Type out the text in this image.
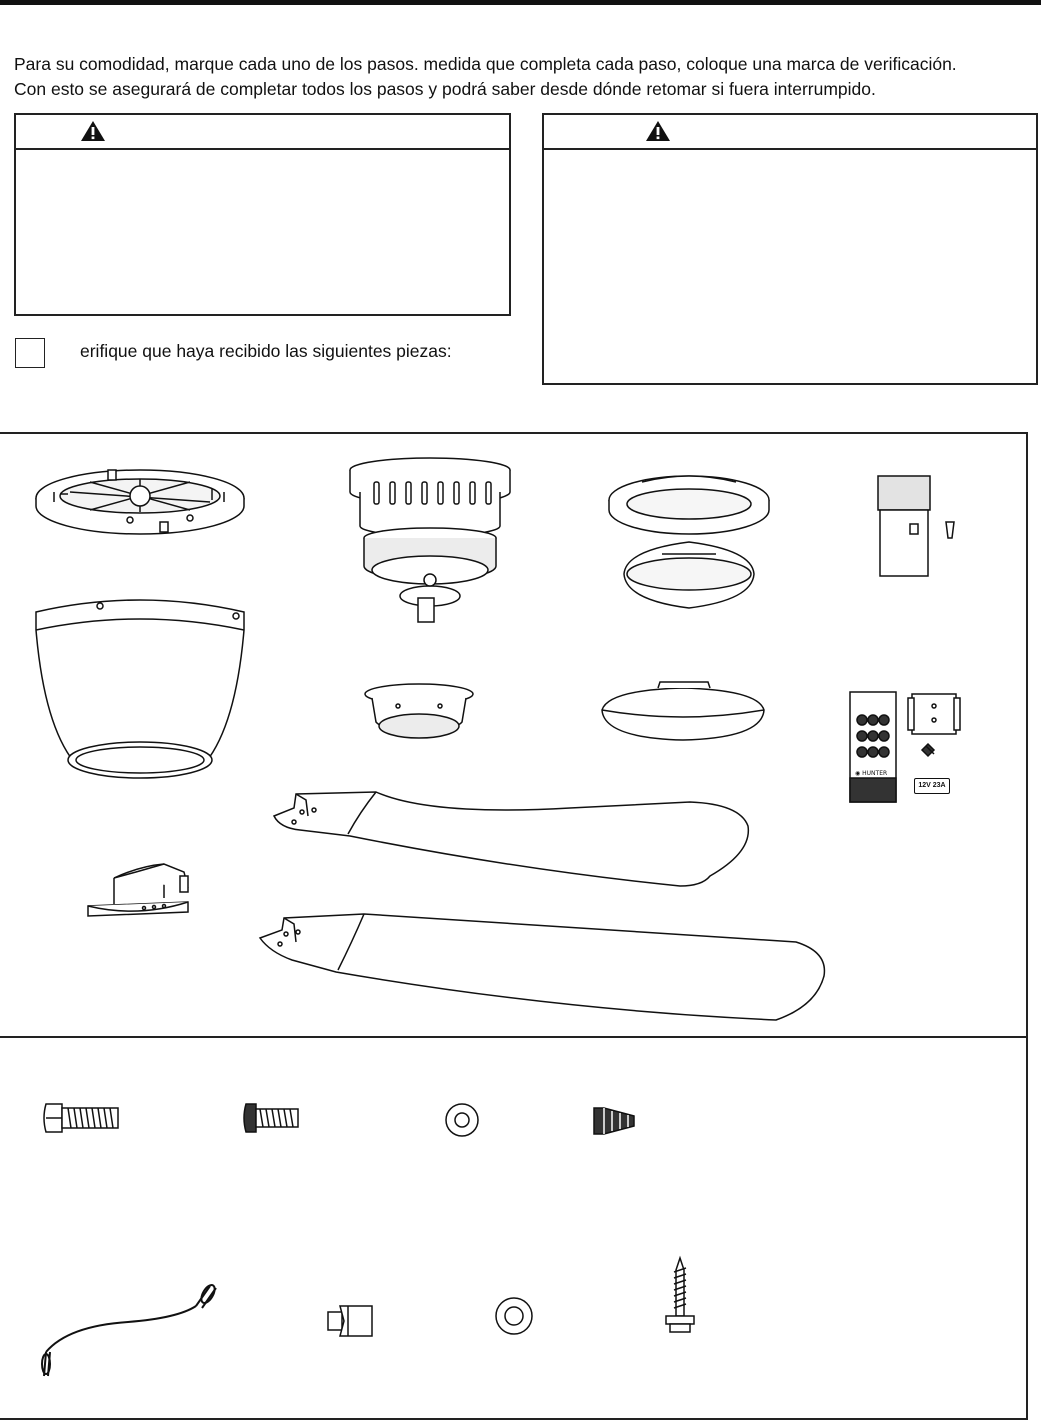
Para su comodidad, marque cada uno de los pasos. medida que completa cada paso, coloque una marca de verificación.
Con esto se asegurará de completar todos los pasos y podrá saber desde dónde retomar si fuera interrumpido.

erifique que haya recibido las siguientes piezas:

◉ HUNTER
12V 23A
